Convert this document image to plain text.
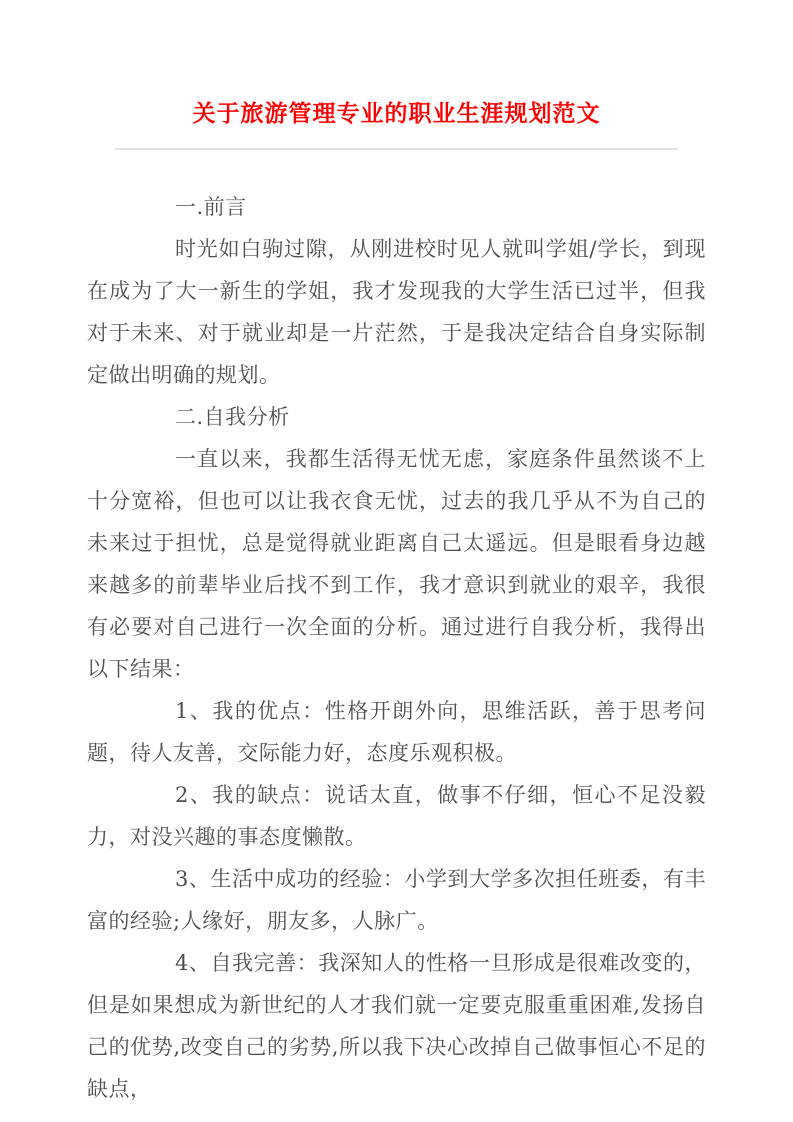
关于旅游管理专业的职业生涯规划范文

一.前言

时光如白驹过隙，从刚进校时见人就叫学姐/学长，到现在成为了大一新生的学姐，我才发现我的大学生活已过半，但我对于未来、对于就业却是一片茫然，于是我决定结合自身实际制定做出明确的规划。

二.自我分析

一直以来，我都生活得无忧无虑，家庭条件虽然谈不上十分宽裕，但也可以让我衣食无忧，过去的我几乎从不为自己的未来过于担忧，总是觉得就业距离自己太遥远。但是眼看身边越来越多的前辈毕业后找不到工作，我才意识到就业的艰辛，我很有必要对自己进行一次全面的分析。通过进行自我分析，我得出以下结果：

1、我的优点：性格开朗外向，思维活跃，善于思考问题，待人友善，交际能力好，态度乐观积极。

2、我的缺点：说话太直，做事不仔细，恒心不足没毅力，对没兴趣的事态度懒散。

3、生活中成功的经验：小学到大学多次担任班委，有丰富的经验;人缘好，朋友多，人脉广。

4、自我完善：我深知人的性格一旦形成是很难改变的，但是如果想成为新世纪的人才我们就一定要克服重重困难,发扬自己的优势,改变自己的劣势,所以我下决心改掉自己做事恒心不足的缺点，
